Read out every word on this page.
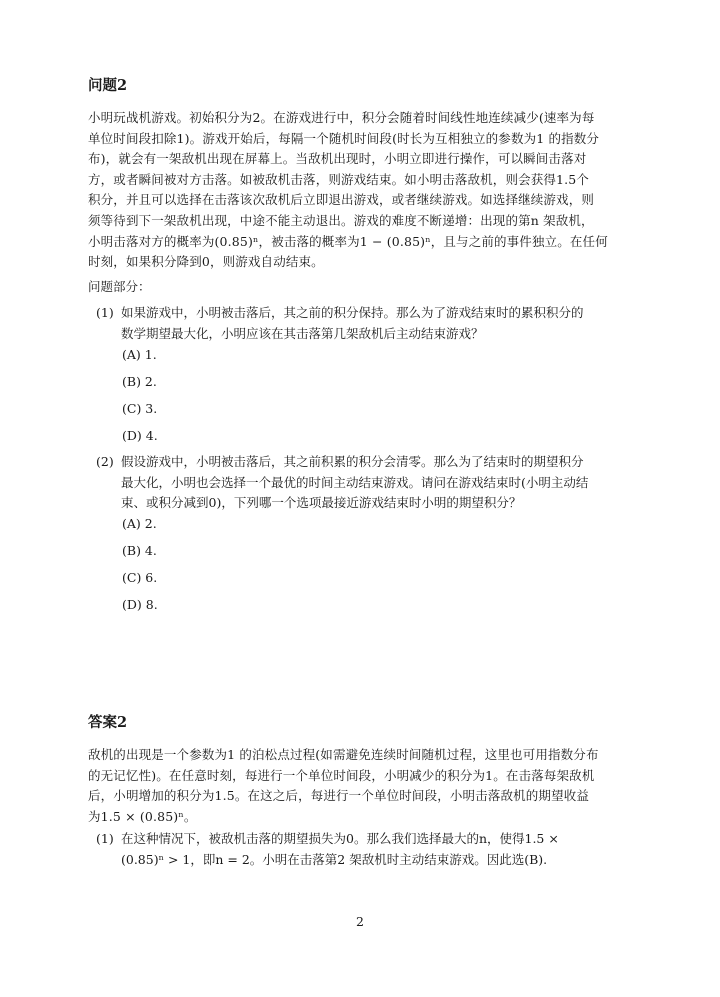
问题2
小明玩战机游戏。初始积分为2。在游戏进行中，积分会随着时间线性地连续减少(速率为每
单位时间段扣除1)。游戏开始后，每隔一个随机时间段(时长为互相独立的参数为1 的指数分
布)，就会有一架敌机出现在屏幕上。当敌机出现时，小明立即进行操作，可以瞬间击落对
方，或者瞬间被对方击落。如被敌机击落，则游戏结束。如小明击落敌机，则会获得1.5个
积分，并且可以选择在击落该次敌机后立即退出游戏，或者继续游戏。如选择继续游戏，则
须等待到下一架敌机出现，中途不能主动退出。游戏的难度不断递增：出现的第n 架敌机，
小明击落对方的概率为(0.85)ⁿ，被击落的概率为1 − (0.85)ⁿ，且与之前的事件独立。在任何
时刻，如果积分降到0，则游戏自动结束。
问题部分：
(1) 如果游戏中，小明被击落后，其之前的积分保持。那么为了游戏结束时的累积积分的
数学期望最大化，小明应该在其击落第几架敌机后主动结束游戏？
(A) 1.
(B) 2.
(C) 3.
(D) 4.
(2) 假设游戏中，小明被击落后，其之前积累的积分会清零。那么为了结束时的期望积分
最大化，小明也会选择一个最优的时间主动结束游戏。请问在游戏结束时(小明主动结
束、或积分减到0)，下列哪一个选项最接近游戏结束时小明的期望积分？
(A) 2.
(B) 4.
(C) 6.
(D) 8.
答案2
敌机的出现是一个参数为1 的泊松点过程(如需避免连续时间随机过程，这里也可用指数分布
的无记忆性)。在任意时刻，每进行一个单位时间段，小明减少的积分为1。在击落每架敌机
后，小明增加的积分为1.5。在这之后，每进行一个单位时间段，小明击落敌机的期望收益
为1.5 × (0.85)ⁿ。
(1) 在这种情况下，被敌机击落的期望损失为0。那么我们选择最大的n，使得1.5 ×
(0.85)ⁿ > 1，即n = 2。小明在击落第2 架敌机时主动结束游戏。因此选(B).
2
